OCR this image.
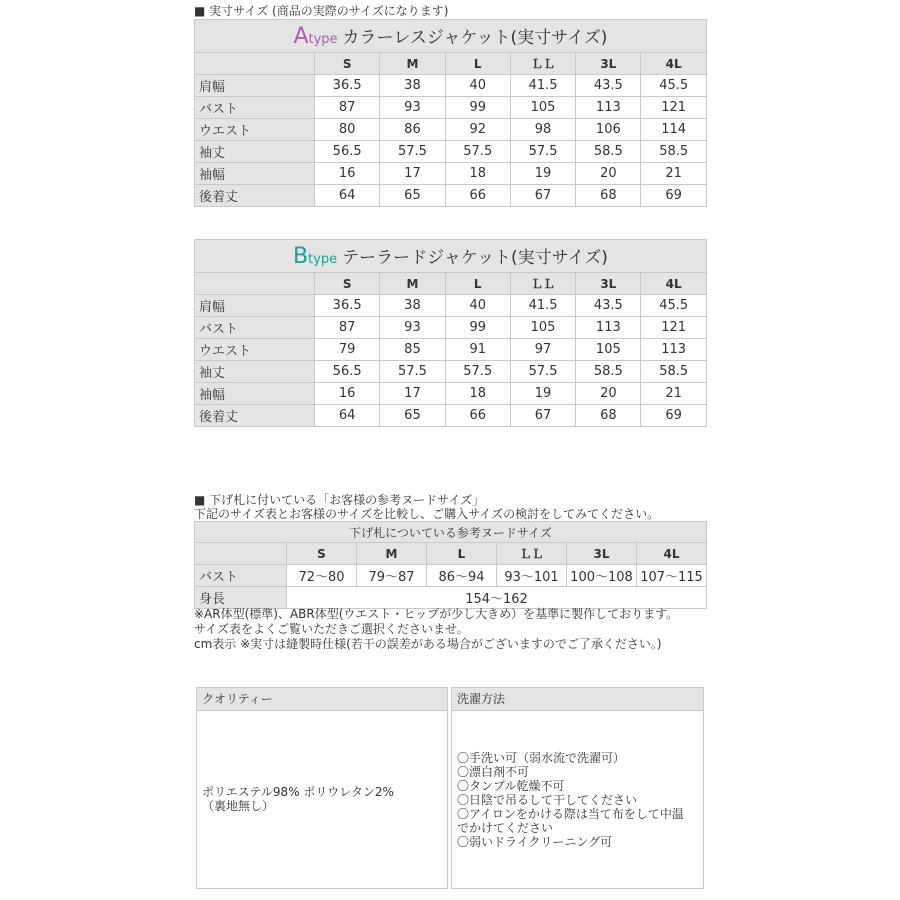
■ 実寸サイズ (商品の実際のサイズになります)
Atype カラーレスジャケット(実寸サイズ)						
	S	M	L	ＬＬ	3L	4L
肩幅	36.5	38	40	41.5	43.5	45.5
バスト	87	93	99	105	113	121
ウエスト	80	86	92	98	106	114
袖丈	56.5	57.5	57.5	57.5	58.5	58.5
袖幅	16	17	18	19	20	21
後着丈	64	65	66	67	68	69
Btype テーラードジャケット(実寸サイズ)						
	S	M	L	ＬＬ	3L	4L
肩幅	36.5	38	40	41.5	43.5	45.5
バスト	87	93	99	105	113	121
ウエスト	79	85	91	97	105	113
袖丈	56.5	57.5	57.5	57.5	58.5	58.5
袖幅	16	17	18	19	20	21
後着丈	64	65	66	67	68	69
■ 下げ札に付いている「お客様の参考ヌードサイズ」
下記のサイズ表とお客様のサイズを比較し、ご購入サイズの検討をしてみてください。
下げ札についている参考ヌードサイズ						
	S	M	L	ＬＬ	3L	4L
バスト	72～80	79～87	86～94	93～101	100～108	107～115
身長	154～162					
※AR体型(標準)、ABR体型(ウエスト・ヒップが少し大きめ）を基準に製作しております。
サイズ表をよくご覧いただきご選択くださいませ。
cm表示 ※実寸は縫製時仕様(若干の誤差がある場合がございますのでご了承ください。)
クオリティー
ポリエステル98% ポリウレタン2%
（裏地無し）
洗濯方法
〇手洗い可（弱水流で洗濯可）
〇漂白剤不可
〇タンブル乾燥不可
〇日陰で吊るして干してください
〇アイロンをかける際は当て布をして中温
でかけてください
〇弱いドライクリーニング可
